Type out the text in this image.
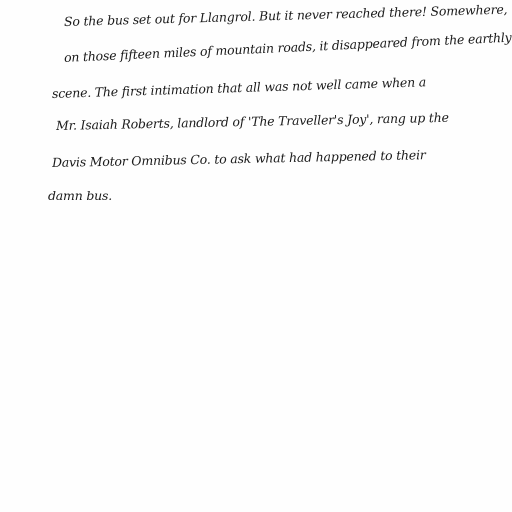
So the bus set out for Llangrol. But it never reached there! Somewhere,
on those fifteen miles of mountain roads, it disappeared from the earthly
scene. The first intimation that all was not well came when a
Mr. Isaiah Roberts, landlord of 'The Traveller's Joy', rang up the
Davis Motor Omnibus Co. to ask what had happened to their
damn bus.
